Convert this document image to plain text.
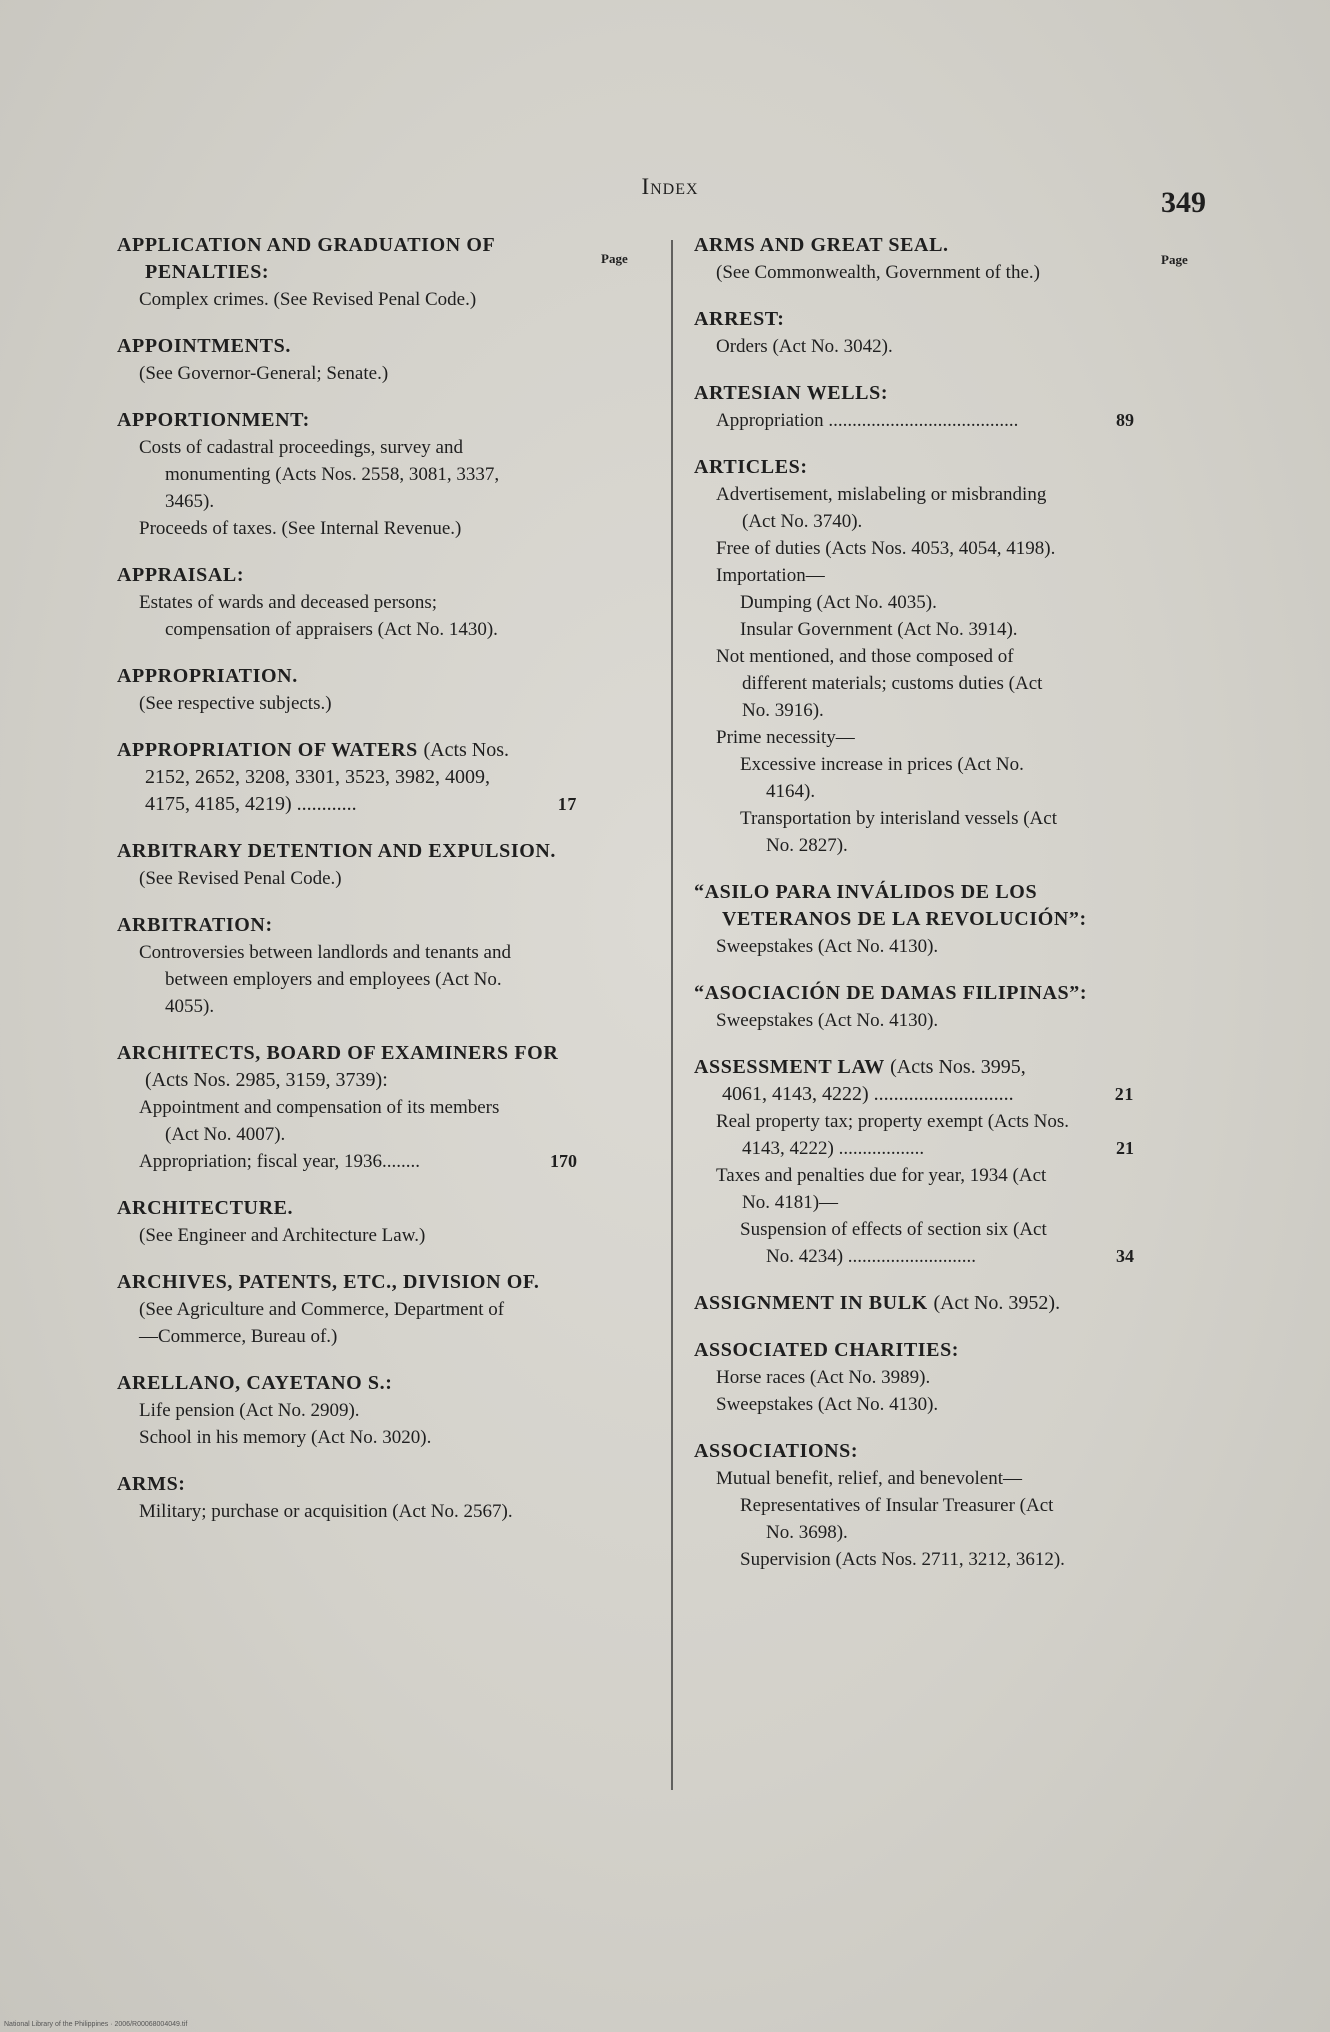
Index	349
Page	Page
APPLICATION AND GRADUATION OF PENALTIES:
Complex crimes. (See Revised Penal Code.)
APPOINTMENTS.
(See Governor-General; Senate.)
APPORTIONMENT:
Costs of cadastral proceedings, survey and monumenting (Acts Nos. 2558, 3081, 3337, 3465).
Proceeds of taxes. (See Internal Revenue.)
APPRAISAL:
Estates of wards and deceased persons; compensation of appraisers (Act No. 1430).
APPROPRIATION.
(See respective subjects.)
APPROPRIATION OF WATERS (Acts Nos. 2152, 2652, 3208, 3301, 3523, 3982, 4009, 4175, 4185, 4219) ............	17
ARBITRARY DETENTION AND EXPULSION.
(See Revised Penal Code.)
ARBITRATION:
Controversies between landlords and tenants and between employers and employees (Act No. 4055).
ARCHITECTS, BOARD OF EXAMINERS FOR (Acts Nos. 2985, 3159, 3739):
Appointment and compensation of its members (Act No. 4007).
Appropriation; fiscal year, 1936........	170
ARCHITECTURE.
(See Engineer and Architecture Law.)
ARCHIVES, PATENTS, ETC., DIVISION OF.
(See Agriculture and Commerce, Department of—Commerce, Bureau of.)
ARELLANO, CAYETANO S.:
Life pension (Act No. 2909).
School in his memory (Act No. 3020).
ARMS:
Military; purchase or acquisition (Act No. 2567).
ARMS AND GREAT SEAL.
(See Commonwealth, Government of the.)
ARREST:
Orders (Act No. 3042).
ARTESIAN WELLS:
Appropriation ........................................	89
ARTICLES:
Advertisement, mislabeling or misbranding (Act No. 3740).
Free of duties (Acts Nos. 4053, 4054, 4198).
Importation—
Dumping (Act No. 4035).
Insular Government (Act No. 3914).
Not mentioned, and those composed of different materials; customs duties (Act No. 3916).
Prime necessity—
Excessive increase in prices (Act No. 4164).
Transportation by interisland vessels (Act No. 2827).
“ASILO PARA INVÁLIDOS DE LOS VETERANOS DE LA REVOLUCIÓN”:
Sweepstakes (Act No. 4130).
“ASOCIACIÓN DE DAMAS FILIPINAS”:
Sweepstakes (Act No. 4130).
ASSESSMENT LAW (Acts Nos. 3995, 4061, 4143, 4222) ............................	21
Real property tax; property exempt (Acts Nos. 4143, 4222) ..................	21
Taxes and penalties due for year, 1934 (Act No. 4181)—
Suspension of effects of section six (Act No. 4234) ...........................	34
ASSIGNMENT IN BULK (Act No. 3952).
ASSOCIATED CHARITIES:
Horse races (Act No. 3989).
Sweepstakes (Act No. 4130).
ASSOCIATIONS:
Mutual benefit, relief, and benevolent—
Representatives of Insular Treasurer (Act No. 3698).
Supervision (Acts Nos. 2711, 3212, 3612).
National Library of the Philippines · 2006/R00068004049.tif
